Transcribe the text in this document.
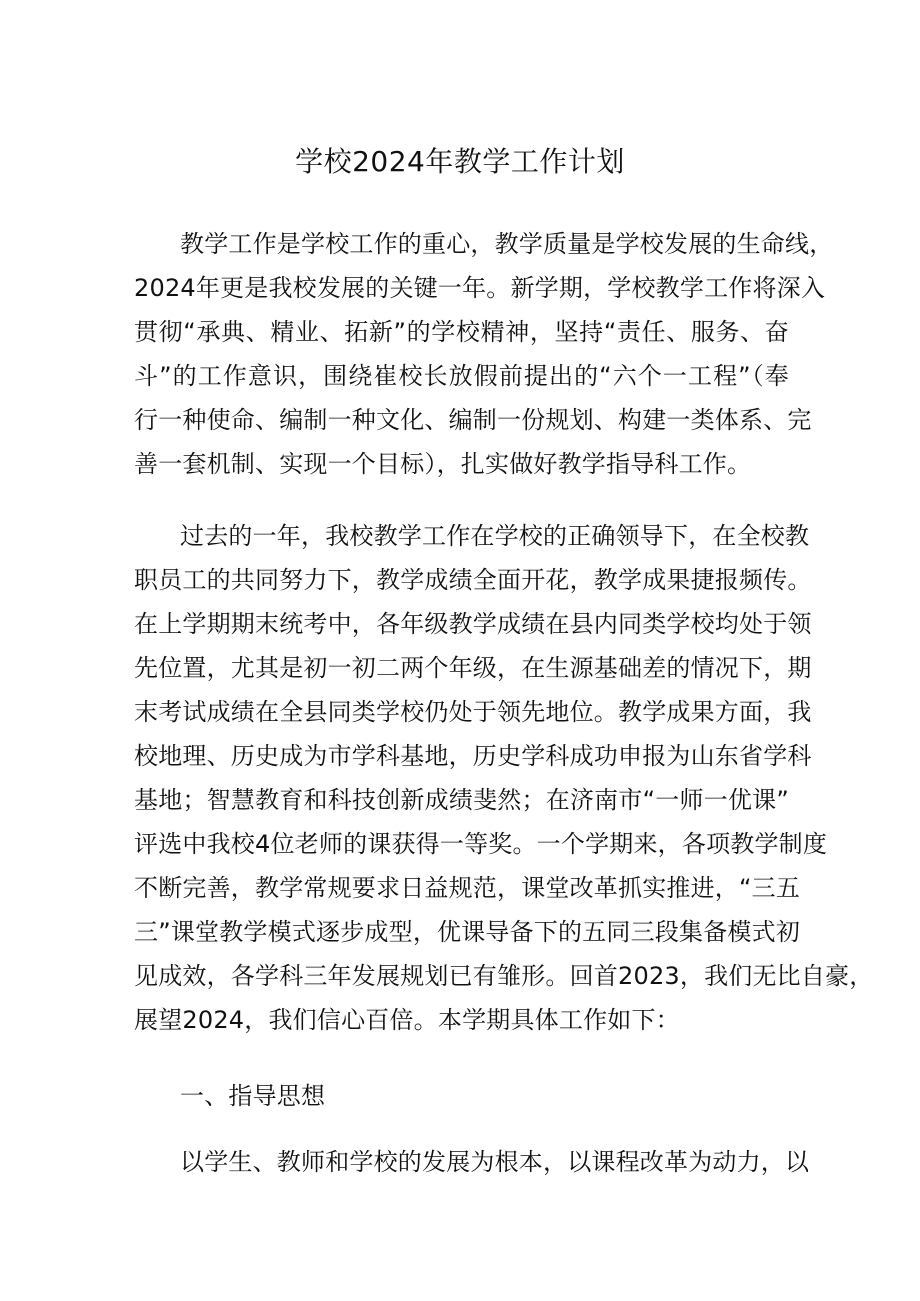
学校2024年教学工作计划
教学工作是学校工作的重心，教学质量是学校发展的生命线，
2024年更是我校发展的关键一年。新学期，学校教学工作将深入
贯彻“承典、精业、拓新”的学校精神，坚持“责任、服务、奋
斗”的工作意识，围绕崔校长放假前提出的“六个一工程”（奉
行一种使命、编制一种文化、编制一份规划、构建一类体系、完
善一套机制、实现一个目标），扎实做好教学指导科工作。
过去的一年，我校教学工作在学校的正确领导下，在全校教
职员工的共同努力下，教学成绩全面开花，教学成果捷报频传。
在上学期期末统考中，各年级教学成绩在县内同类学校均处于领
先位置，尤其是初一初二两个年级，在生源基础差的情况下，期
末考试成绩在全县同类学校仍处于领先地位。教学成果方面，我
校地理、历史成为市学科基地，历史学科成功申报为山东省学科
基地；智慧教育和科技创新成绩斐然；在济南市“一师一优课”
评选中我校4位老师的课获得一等奖。一个学期来，各项教学制度
不断完善，教学常规要求日益规范，课堂改革抓实推进，“三五
三”课堂教学模式逐步成型，优课导备下的五同三段集备模式初
见成效，各学科三年发展规划已有雏形。回首2023，我们无比自豪，
展望2024，我们信心百倍。本学期具体工作如下：
一、指导思想
以学生、教师和学校的发展为根本，以课程改革为动力，以
